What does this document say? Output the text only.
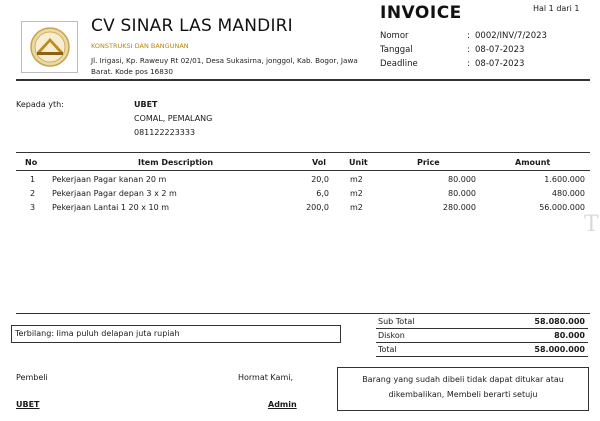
CV SINAR LAS MANDIRI
KONSTRUKSI DAN BANGUNAN
Jl. Irigasi, Kp. Raweuy Rt 02/01, Desa Sukasirna, jonggol, Kab. Bogor, Jawa Barat. Kode pos 16830
INVOICE	Hal 1 dari 1
Nomor	: 0002/INV/7/2023
Tanggal	: 08-07-2023
Deadline	: 08-07-2023
Kepada yth:	UBET
COMAL, PEMALANG
081122223333
No	Item Description	Vol	Unit	Price	Amount
1 Pekerjaan Pagar kanan 20 m	20,0	m2	80.000	1.600.000
2 Pekerjaan Pagar depan 3 x 2 m	6,0	m2	80.000	480.000
3 Pekerjaan Lantai 1 20 x 10 m	200,0	m2	280.000	56.000.000
T
Sub Total	58.080.000
Diskon	80.000
Total	58.000.000
Terbilang: lima puluh delapan juta rupiah
Pembeli
UBET
Hormat Kami,
Admin
Barang yang sudah dibeli tidak dapat ditukar atau dikembalikan, Membeli berarti setuju
